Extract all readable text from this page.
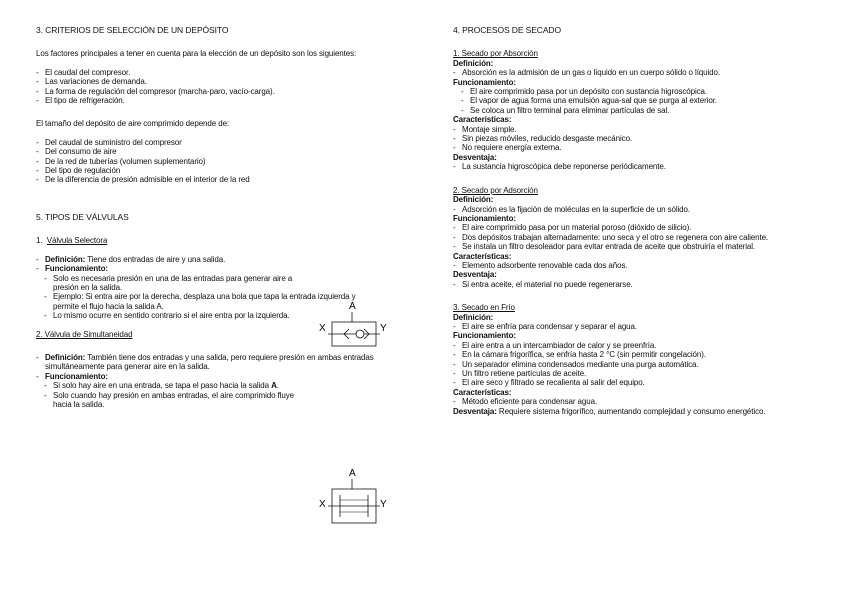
3. CRITERIOS DE SELECCIÓN DE UN DEPÓSITO

Los factores principales a tener en cuenta para la elección de un depósito son los siguientes:

- El caudal del compresor.
- Las variaciones de demanda.
- La forma de regulación del compresor (marcha-paro, vacío-carga).
- El tipo de refrigeración.

El tamaño del depósito de aire comprimido depende de:

- Del caudal de suministro del compresor
- Del consumo de aire
- De la red de tuberías (volumen suplementario)
- Del tipo de regulación
- De la diferencia de presión admisible en el interior de la red

5. TIPOS DE VÁLVULAS

1. Válvula Selectora

- Definición: Tiene dos entradas de aire y una salida.
- Funcionamiento:
- Solo es necesaria presión en una de las entradas para generar aire a presión en la salida.
- Ejemplo: Si entra aire por la derecha, desplaza una bola que tapa la entrada izquierda y permite el flujo hacia la salida A.
- Lo mismo ocurre en sentido contrario si el aire entra por la izquierda.

2. Válvula de Simultaneidad

- Definición: También tiene dos entradas y una salida, pero requiere presión en ambas entradas simultáneamente para generar aire en la salida.
- Funcionamiento:
- Si solo hay aire en una entrada, se tapa el paso hacia la salida A.
- Solo cuando hay presión en ambas entradas, el aire comprimido fluye hacia la salida.
A
X	Y
A
X	Y

4. PROCESOS DE SECADO

1. Secado por Absorción

Definición:

- Absorción es la admisión de un gas o líquido en un cuerpo sólido o líquido.

Funcionamiento:

- El aire comprimido pasa por un depósito con sustancia higroscópica.
- El vapor de agua forma una emulsión agua-sal que se purga al exterior.
- Se coloca un filtro terminal para eliminar partículas de sal.

Características:

- Montaje simple.
- Sin piezas móviles, reducido desgaste mecánico.
- No requiere energía externa.

Desventaja:

- La sustancia higroscópica debe reponerse periódicamente.

2. Secado por Adsorción

Definición:

- Adsorción es la fijación de moléculas en la superficie de un sólido.

Funcionamiento:

- El aire comprimido pasa por un material poroso (dióxido de silicio).
- Dos depósitos trabajan alternadamente: uno seca y el otro se regenera con aire caliente.
- Se instala un filtro desoleador para evitar entrada de aceite que obstruiría el material.

Características:

- Elemento adsorbente renovable cada dos años.

Desventaja:

- Si entra aceite, el material no puede regenerarse.

3. Secado en Frío

Definición:

- El aire se enfría para condensar y separar el agua.

Funcionamiento:

- El aire entra a un intercambiador de calor y se preenfría.
- En la cámara frigorífica, se enfría hasta 2 °C (sin permitir congelación).
- Un separador elimina condensados mediante una purga automática.
- Un filtro retiene partículas de aceite.
- El aire seco y filtrado se recalienta al salir del equipo.

Características:

- Método eficiente para condensar agua.

Desventaja: Requiere sistema frigorífico, aumentando complejidad y consumo energético.
